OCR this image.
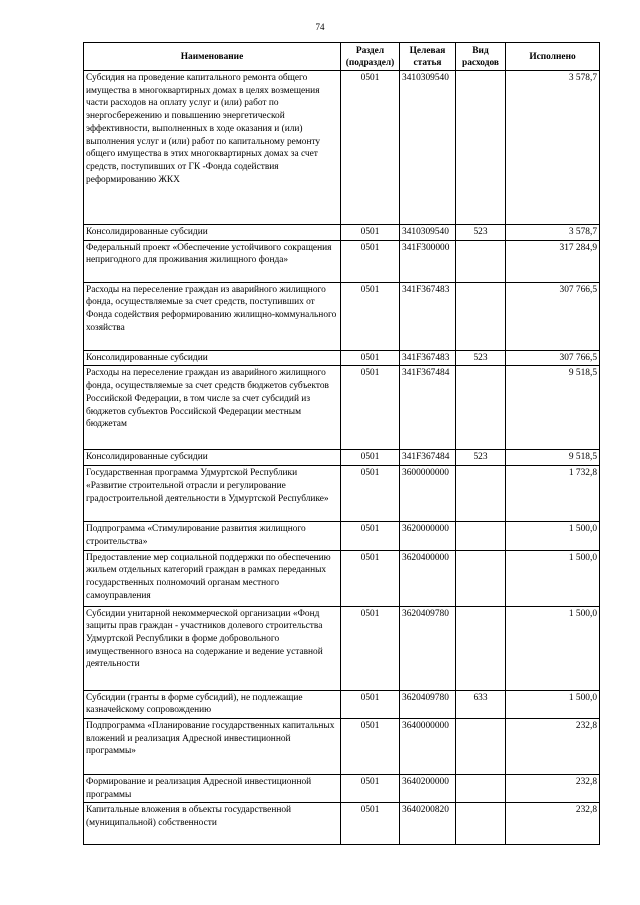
74
Наименование	Раздел (подраздел)	Целевая статья	Вид расходов	Исполнено
Субсидия на проведение капитального ремонта общего имущества в многоквартирных домах в целях возмещения части расходов на оплату услуг и (или) работ по энергосбережению и повышению энергетической эффективности, выполненных в ходе оказания и (или) выполнения услуг и (или) работ по капитальному ремонту общего имущества в этих многоквартирных домах за счет средств, поступивших от ГК -Фонда содействия реформированию ЖКХ	0501	3410309540		3 578,7
Консолидированные субсидии	0501	3410309540	523	3 578,7
Федеральный проект «Обеспечение устойчивого сокращения непригодного для проживания жилищного фонда»	0501	341F300000		317 284,9
Расходы на переселение граждан из аварийного жилищного фонда, осуществляемые за счет средств, поступивших от Фонда содействия реформированию жилищно-коммунального хозяйства	0501	341F367483		307 766,5
Консолидированные субсидии	0501	341F367483	523	307 766,5
Расходы на переселение граждан из аварийного жилищного фонда, осуществляемые за счет средств бюджетов субъектов Российской Федерации, в том числе за счет субсидий из бюджетов субъектов Российской Федерации местным бюджетам	0501	341F367484		9 518,5
Консолидированные субсидии	0501	341F367484	523	9 518,5
Государственная программа Удмуртской Республики «Развитие строительной отрасли и регулирование градостроительной деятельности в Удмуртской Республике»	0501	3600000000		1 732,8
Подпрограмма «Стимулирование развития жилищного строительства»	0501	3620000000		1 500,0
Предоставление мер социальной поддержки по обеспечению жильем отдельных категорий граждан в рамках переданных государственных полномочий органам местного самоуправления	0501	3620400000		1 500,0
Субсидии унитарной некоммерческой организации «Фонд защиты прав граждан - участников долевого строительства Удмуртской Республики в форме добровольного имущественного взноса на содержание и ведение уставной деятельности	0501	3620409780		1 500,0
Субсидии (гранты в форме субсидий), не подлежащие казначейскому сопровождению	0501	3620409780	633	1 500,0
Подпрограмма «Планирование государственных капитальных вложений и реализация Адресной инвестиционной программы»	0501	3640000000		232,8
Формирование и реализация Адресной инвестиционной программы	0501	3640200000		232,8
Капитальные вложения в объекты государственной (муниципальной) собственности	0501	3640200820		232,8
